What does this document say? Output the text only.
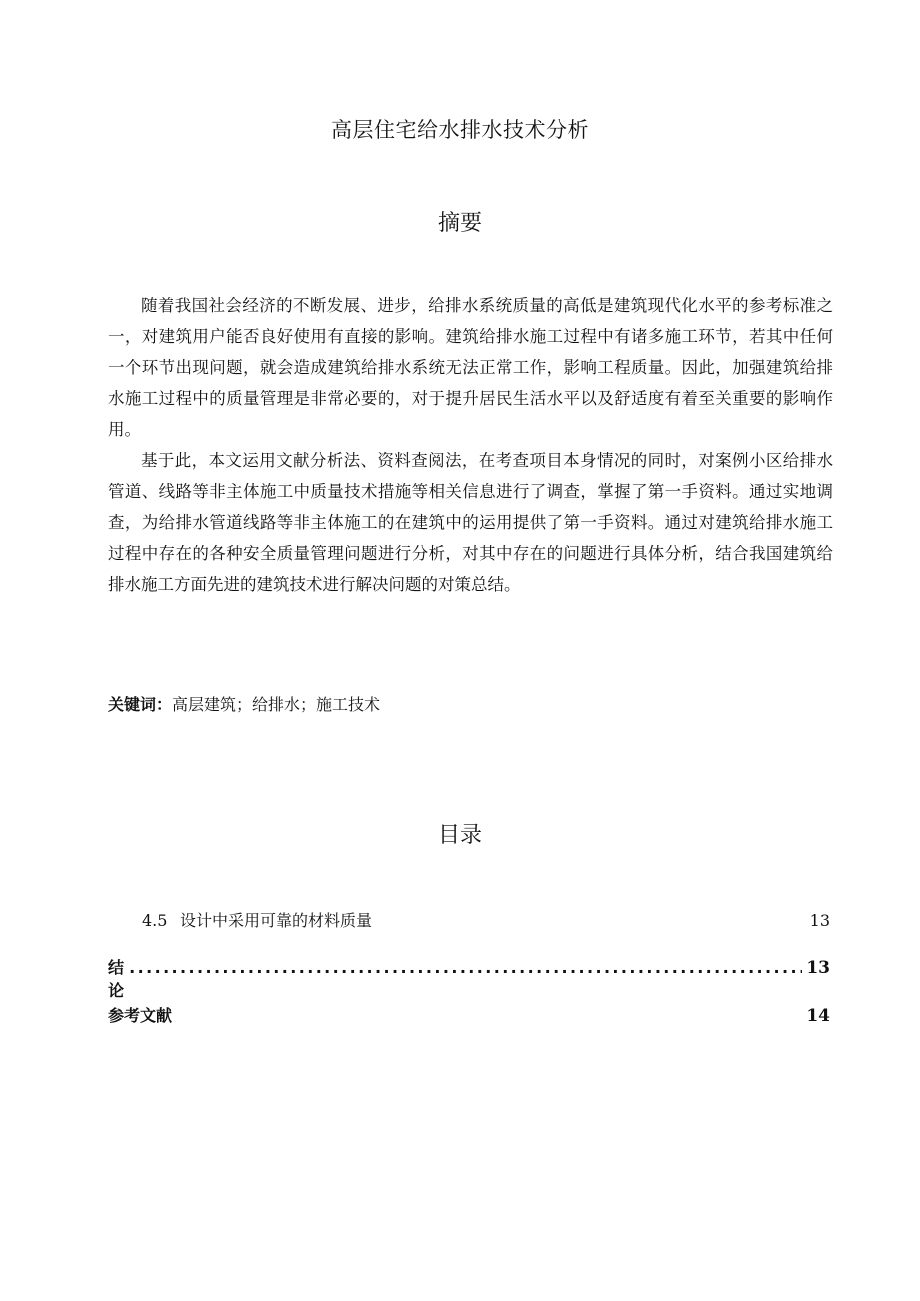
高层住宅给水排水技术分析
摘要

随着我国社会经济的不断发展、进步，给排水系统质量的高低是建筑现代化水平的参考标准之一，对建筑用户能否良好使用有直接的影响。建筑给排水施工过程中有诸多施工环节，若其中任何一个环节出现问题，就会造成建筑给排水系统无法正常工作，影响工程质量。因此，加强建筑给排水施工过程中的质量管理是非常必要的，对于提升居民生活水平以及舒适度有着至关重要的影响作用。

基于此，本文运用文献分析法、资料查阅法，在考查项目本身情况的同时，对案例小区给排水管道、线路等非主体施工中质量技术措施等相关信息进行了调查，掌握了第一手资料。通过实地调查，为给排水管道线路等非主体施工的在建筑中的运用提供了第一手资料。通过对建筑给排水施工过程中存在的各种安全质量管理问题进行分析，对其中存在的问题进行具体分析，结合我国建筑给排水施工方面先进的建筑技术进行解决问题的对策总结。

关键词：高层建筑；给排水；施工技术
目录
4.5 设计中采用可靠的材料质量	13
结论
.....
13
参考文献	14
